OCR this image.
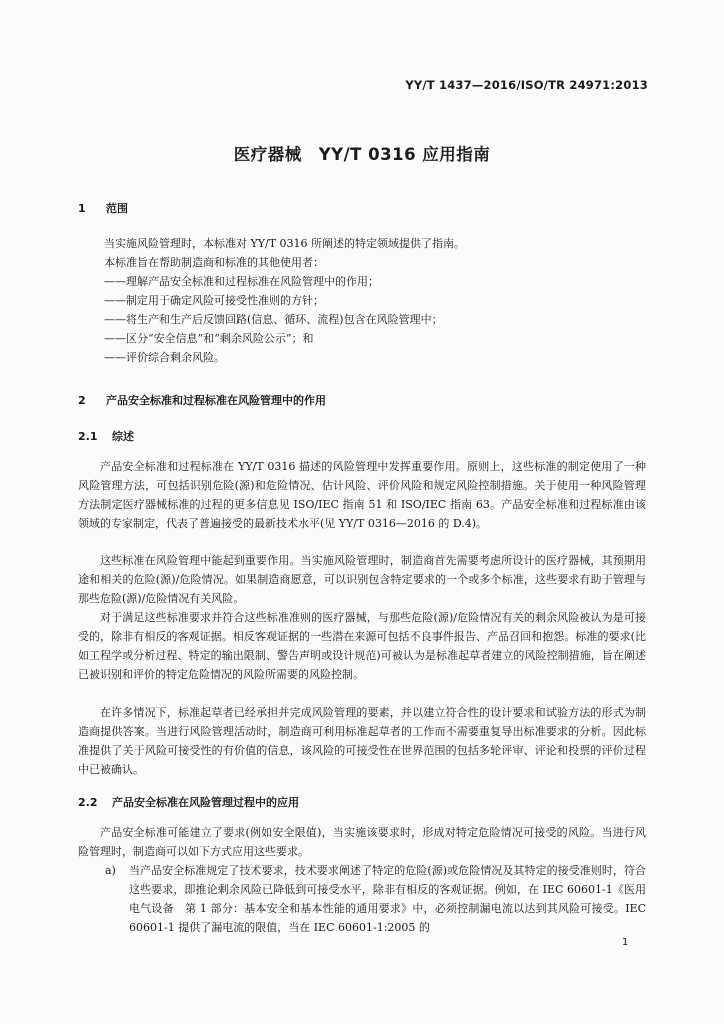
YY/T 1437—2016/ISO/TR 24971:2013
医疗器械　YY/T 0316 应用指南
1 范围
当实施风险管理时，本标准对 YY/T 0316 所阐述的特定领域提供了指南。
本标准旨在帮助制造商和标准的其他使用者：
——理解产品安全标准和过程标准在风险管理中的作用；
——制定用于确定风险可接受性准则的方针；
——将生产和生产后反馈回路(信息、循环、流程)包含在风险管理中；
——区分“安全信息”和“剩余风险公示”；和
——评价综合剩余风险。
2 产品安全标准和过程标准在风险管理中的作用
2.1 综述
产品安全标准和过程标准在 YY/T 0316 描述的风险管理中发挥重要作用。原则上，这些标准的制定使用了一种风险管理方法，可包括识别危险(源)和危险情况、估计风险、评价风险和规定风险控制措施。关于使用一种风险管理方法制定医疗器械标准的过程的更多信息见 ISO/IEC 指南 51 和 ISO/IEC 指南 63。产品安全标准和过程标准由该领域的专家制定，代表了普遍接受的最新技术水平(见 YY/T 0316—2016 的 D.4)。
这些标准在风险管理中能起到重要作用。当实施风险管理时，制造商首先需要考虑所设计的医疗器械，其预期用途和相关的危险(源)/危险情况。如果制造商愿意，可以识别包含特定要求的一个或多个标准，这些要求有助于管理与那些危险(源)/危险情况有关风险。
对于满足这些标准要求并符合这些标准准则的医疗器械，与那些危险(源)/危险情况有关的剩余风险被认为是可接受的，除非有相反的客观证据。相反客观证据的一些潜在来源可包括不良事件报告、产品召回和抱怨。标准的要求(比如工程学或分析过程、特定的输出限制、警告声明或设计规范)可被认为是标准起草者建立的风险控制措施，旨在阐述已被识别和评价的特定危险情况的风险所需要的风险控制。
在许多情况下，标准起草者已经承担并完成风险管理的要素，并以建立符合性的设计要求和试验方法的形式为制造商提供答案。当进行风险管理活动时，制造商可利用标准起草者的工作而不需要重复导出标准要求的分析。因此标准提供了关于风险可接受性的有价值的信息，该风险的可接受性在世界范围的包括多轮评审、评论和投票的评价过程中已被确认。
2.2 产品安全标准在风险管理过程中的应用
产品安全标准可能建立了要求(例如安全限值)，当实施该要求时，形成对特定危险情况可接受的风险。当进行风险管理时，制造商可以如下方式应用这些要求。
a) 当产品安全标准规定了技术要求，技术要求阐述了特定的危险(源)或危险情况及其特定的接受准则时，符合这些要求，即推论剩余风险已降低到可接受水平，除非有相反的客观证据。例如，在 IEC 60601-1《医用电气设备　第 1 部分：基本安全和基本性能的通用要求》中，必须控制漏电流以达到其风险可接受。IEC 60601-1 提供了漏电流的限值，当在 IEC 60601-1:2005 的
1
